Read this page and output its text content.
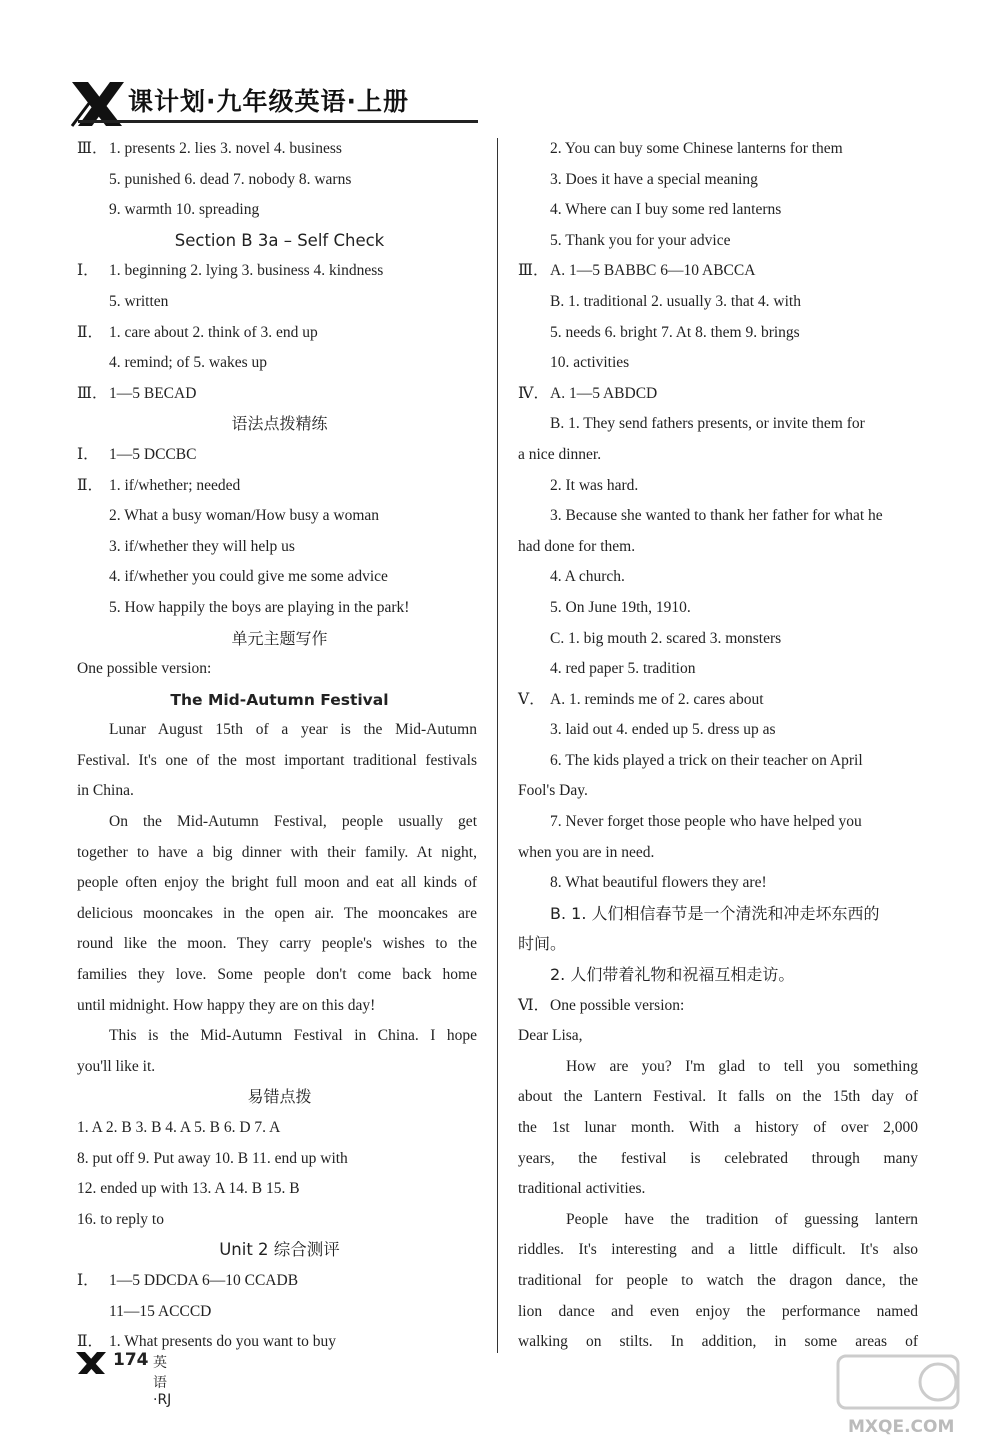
课计划·九年级英语·上册
Ⅲ． 1. presents 2. lies 3. novel 4. business
5. punished 6. dead 7. nobody 8. warns
9. warmth 10. spreading
Section B 3a – Self Check
Ⅰ． 1. beginning 2. lying 3. business 4. kindness
5. written
Ⅱ． 1. care about 2. think of 3. end up
4. remind; of 5. wakes up
Ⅲ． 1—5 BECAD
语法点拨精练
Ⅰ． 1—5 DCCBC
Ⅱ． 1. if/whether; needed
2. What a busy woman/How busy a woman
3. if/whether they will help us
4. if/whether you could give me some advice
5. How happily the boys are playing in the park!
单元主题写作
One possible version:
The Mid-Autumn Festival
Lunar August 15th of a year is the Mid-Autumn
Festival. It's one of the most important traditional festivals
in China.
On the Mid-Autumn Festival, people usually get
together to have a big dinner with their family. At night,
people often enjoy the bright full moon and eat all kinds of
delicious mooncakes in the open air. The mooncakes are
round like the moon. They carry people's wishes to the
families they love. Some people don't come back home
until midnight. How happy they are on this day!
This is the Mid-Autumn Festival in China. I hope
you'll like it.
易错点拨
1. A 2. B 3. B 4. A 5. B 6. D 7. A
8. put off 9. Put away 10. B 11. end up with
12. ended up with 13. A 14. B 15. B
16. to reply to
Unit 2 综合测评
Ⅰ． 1—5 DDCDA 6—10 CCADB
11—15 ACCCD
Ⅱ． 1. What presents do you want to buy
2. You can buy some Chinese lanterns for them
3. Does it have a special meaning
4. Where can I buy some red lanterns
5. Thank you for your advice
Ⅲ． A. 1—5 BABBC 6—10 ABCCA
B. 1. traditional 2. usually 3. that 4. with
5. needs 6. bright 7. At 8. them 9. brings
10. activities
Ⅳ． A. 1—5 ABDCD
B. 1. They send fathers presents, or invite them for
a nice dinner.
2. It was hard.
3. Because she wanted to thank her father for what he
had done for them.
4. A church.
5. On June 19th, 1910.
C. 1. big mouth 2. scared 3. monsters
4. red paper 5. tradition
Ⅴ． A. 1. reminds me of 2. cares about
3. laid out 4. ended up 5. dress up as
6. The kids played a trick on their teacher on April
Fool's Day.
7. Never forget those people who have helped you
when you are in need.
8. What beautiful flowers they are!
B. 1. 人们相信春节是一个清洗和冲走坏东西的
时间。
2. 人们带着礼物和祝福互相走访。
Ⅵ． One possible version:
Dear Lisa,
How are you? I'm glad to tell you something
about the Lantern Festival. It falls on the 15th day of
the 1st lunar month. With a history of over 2,000
years, the festival is celebrated through many
traditional activities.
People have the tradition of guessing lantern
riddles. It's interesting and a little difficult. It's also
traditional for people to watch the dragon dance, the
lion dance and even enjoy the performance named
walking on stilts. In addition, in some areas of
174 英语·RJ
MXQE.COM
